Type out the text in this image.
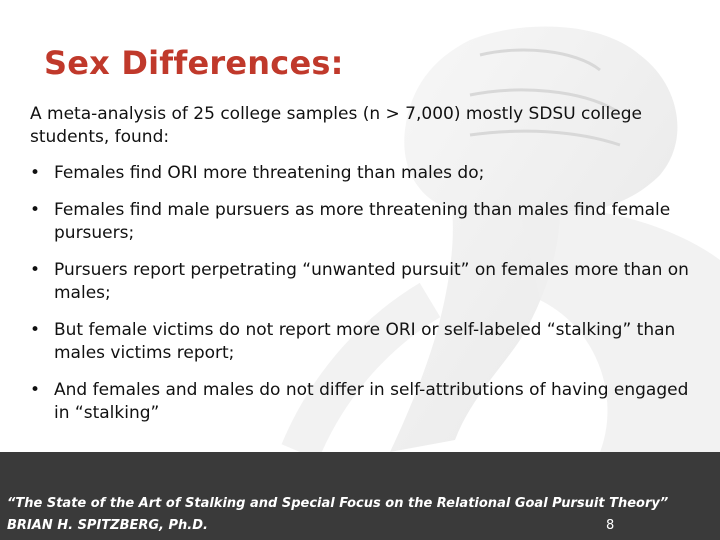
Sex Differences:

A meta-analysis of 25 college samples (n > 7,000) mostly SDSU college students, found:

• Females find ORI more threatening than males do;
• Females find male pursuers as more threatening than males find female pursuers;
• Pursuers report perpetrating “unwanted pursuit” on females more than on males;
• But female victims do not report more ORI or self-labeled “stalking” than males victims report;
• And females and males do not differ in self-attributions of having engaged in “stalking”

“The State of the Art of Stalking and Special Focus on the Relational Goal Pursuit Theory”

BRIAN H. SPITZBERG, Ph.D.	8
